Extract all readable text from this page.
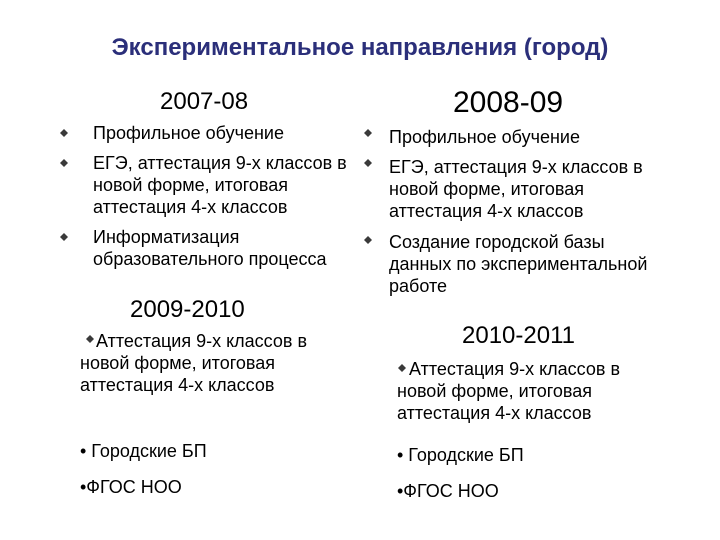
Экспериментальное направления (город)
2007-08
Профильное обучение
ЕГЭ, аттестация 9-х классов в новой форме, итоговая аттестация 4-х классов
Информатизация образовательного процесса
2008-09
Профильное обучение
ЕГЭ, аттестация 9-х классов в новой форме, итоговая аттестация 4-х классов
Создание городской базы данных по экспериментальной работе
2009-2010
Аттестация 9-х классов в новой форме, итоговая аттестация 4-х классов
• Городские БП
•ФГОС НОО
2010-2011
Аттестация 9-х классов в новой форме, итоговая аттестация 4-х классов
• Городские БП
•ФГОС НОО
